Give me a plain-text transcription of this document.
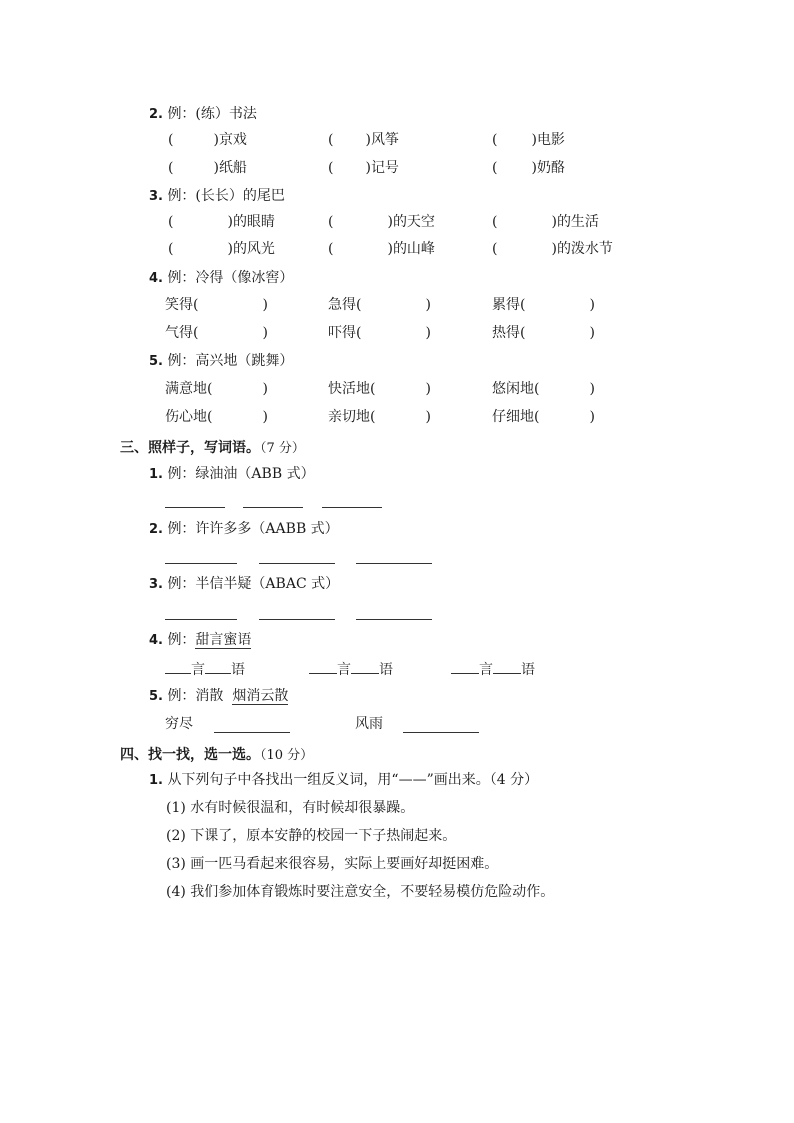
2. 例：(练）书法
(	)京戏	( )风筝	( )电影
(	)纸船	( )记号	( )奶酪
3. 例：(长长）的尾巴
(	)的眼睛	(	)的天空	(	)的生活
(	)的风光	(	)的山峰	(	)的泼水节
4. 例：冷得（像冰窖）
笑得(	)	急得(	)	累得(	)
气得(	)	吓得(	)	热得(	)
5. 例：高兴地（跳舞）
满意地(	)	快活地(	)	悠闲地(	)
伤心地(	)	亲切地(	)	仔细地(	)
三、照样子，写词语。（7 分）
1. 例：绿油油（ABB 式）
2. 例：许许多多（AABB 式）
3. 例：半信半疑（ABAC 式）
4. 例：甜言蜜语
言 语	言 语	言 语
5. 例：消散 烟消云散
穷尽	风雨
四、找一找，选一选。（10 分）
1. 从下列句子中各找出一组反义词，用“——”画出来。（4 分）
(1) 水有时候很温和，有时候却很暴躁。
(2) 下课了，原本安静的校园一下子热闹起来。
(3) 画一匹马看起来很容易，实际上要画好却挺困难。
(4) 我们参加体育锻炼时要注意安全，不要轻易模仿危险动作。
